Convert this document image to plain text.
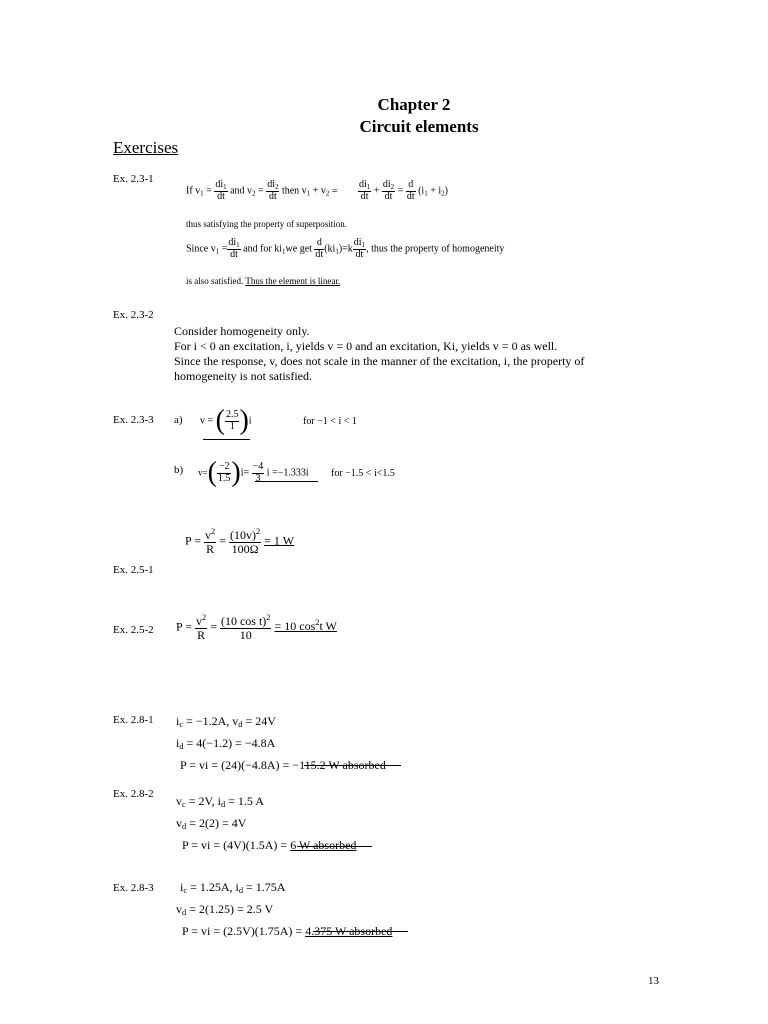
Chapter 2
Circuit elements
Exercises
Ex. 2.3-1
If $v_1 = \frac{di_1}{dt}$ and $v_2 = \frac{di_2}{dt}$ then $v_1 + v_2 = \frac{di_1}{dt} + \frac{di_2}{dt} = \frac{d}{dt} (i_1 + i_2)$
thus satisfying the property of superposition.
Since $v_1 = \frac{di_1}{dt}$ and for $ki_1we$ get $\frac{d}{dt} (ki_1)=k \frac{di_1}{dt}$ , thus the property of homogeneity
is also satisfied. Thus the element is linear.
Ex. 2.3-2
Consider homogeneity only.
For i < 0 an excitation, i, yields v = 0 and an excitation, Ki, yields v = 0 as well.
Since the response, v, does not scale in the manner of the excitation, i, the property of
homogeneity is not satisfied.
Ex. 2.3-3 a) v = ( $\frac{2.5}{1} )i$	for −1 < i < 1
b) $v=( \frac{-2}{1.5} )i= \frac{-4}{3}$ i =−1.333i for −1.5 < i<1.5
$P = \frac{v^2}{R} = \frac{(10v)^2}{100\Omega} = 1$ W
Ex. 2.5-1
Ex. 2.5-2 $P = \frac{v^2}{R} = \frac{(10 \cos t)^2}{10} = 10$ $\cos^2t$ W
Ex. 2.8-1 $i_c = -1.2A$, $v_d = 24V$
$i_d = 4(-1.2) = -4.8A$
P = vi = (24)(−4.8A) = −115.2 W absorbed
Ex. 2.8-2 $v_c = 2V$, $i_d = 1.5$ A
$v_d = 2(2) = 4V$
P = vi = (4V)(1.5A) = 6 W absorbed
Ex. 2.8-3 $i_c = 1.25A$, $i_d = 1.75A$
$v_d = 2(1.25) = 2.5$ V
P = vi = (2.5V)(1.75A) = 4.375 W absorbed
13
